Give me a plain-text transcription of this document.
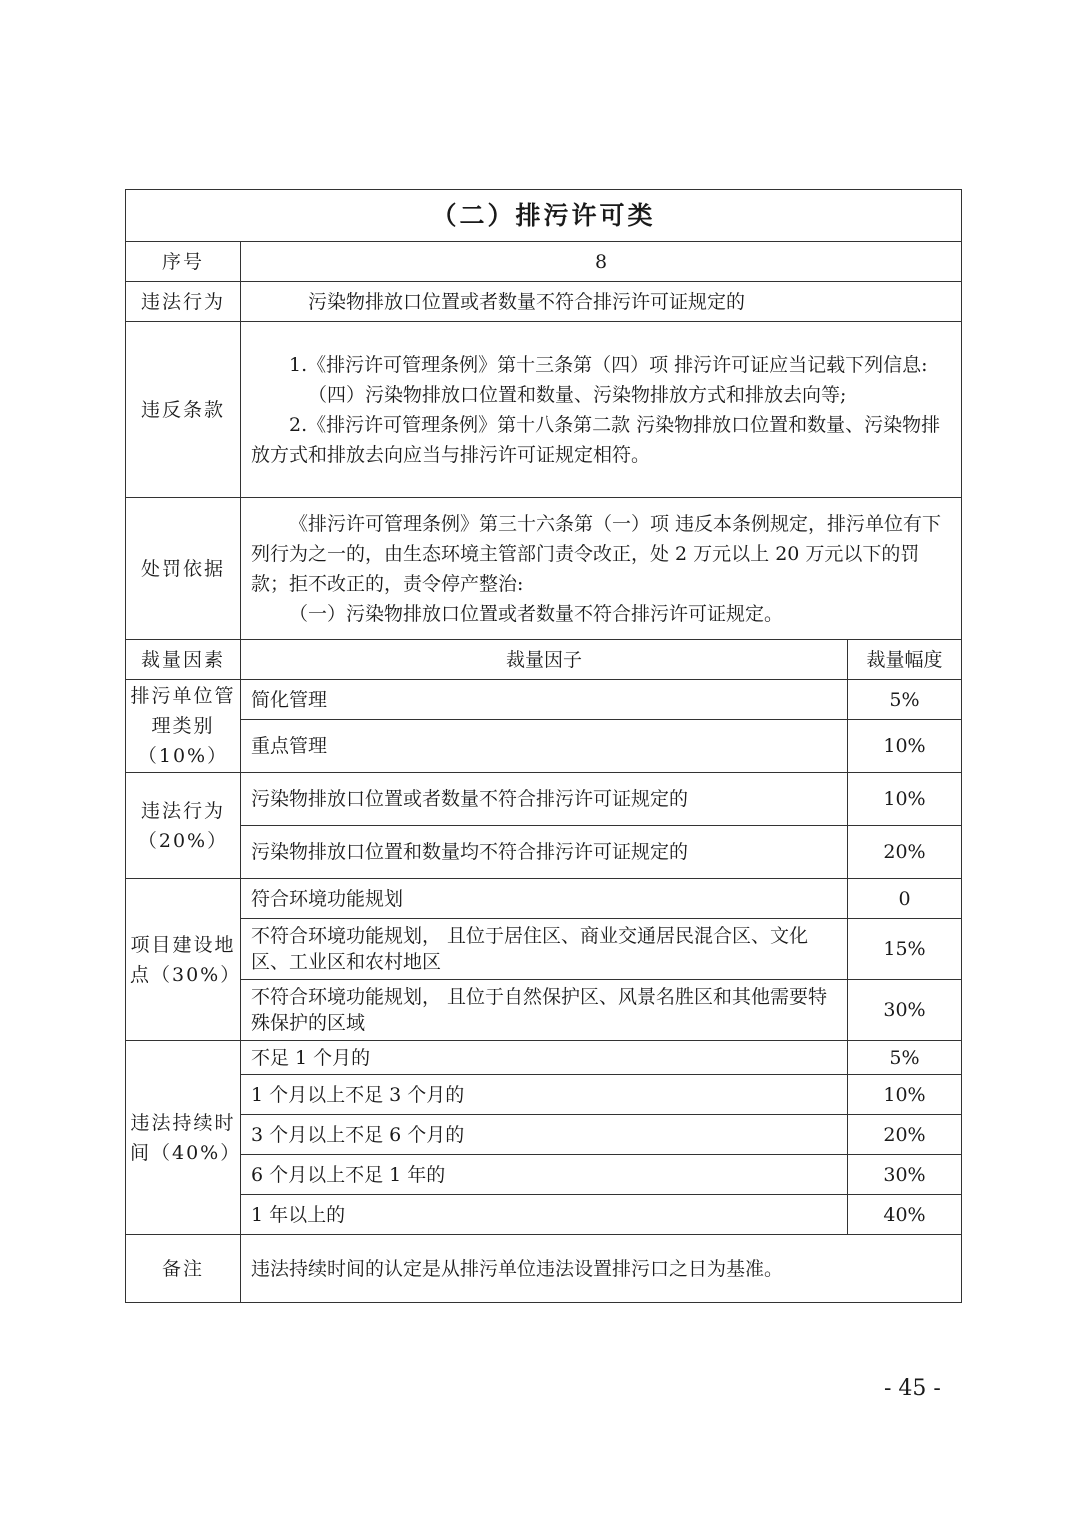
（二）排污许可类		
序号	8	
违法行为	污染物排放口位置或者数量不符合排污许可证规定的	
违反条款	1.《排污许可管理条例》第十三条第（四）项 排污许可证应当记载下列信息:

（四）污染物排放口位置和数量、污染物排放方式和排放去向等;

2.《排污许可管理条例》第十八条第二款 污染物排放口位置和数量、污染物排放方式和排放去向应当与排污许可证规定相符。	

处罚依据	《排污许可管理条例》第三十六条第（一）项 违反本条例规定，排污单位有下列行为之一的，由生态环境主管部门责令改正，处 2 万元以上 20 万元以下的罚款；拒不改正的，责令停产整治:

（一）污染物排放口位置或者数量不符合排污许可证规定。	

裁量因素	裁量因子	裁量幅度
排污单位管理类别（10%）	简化管理	5%
	重点管理	10%
违法行为（20%）	污染物排放口位置或者数量不符合排污许可证规定的	10%
	污染物排放口位置和数量均不符合排污许可证规定的	20%
项目建设地点（30%）	符合环境功能规划	0
	不符合环境功能规划， 且位于居住区、商业交通居民混合区、文化区、工业区和农村地区	15%
	不符合环境功能规划， 且位于自然保护区、风景名胜区和其他需要特殊保护的区域	30%
违法持续时间（40%）	不足 1 个月的	5%
	1 个月以上不足 3 个月的	10%
	3 个月以上不足 6 个月的	20%
	6 个月以上不足 1 年的	30%
	1 年以上的	40%
备注	违法持续时间的认定是从排污单位违法设置排污口之日为基准。	
- 45 -
